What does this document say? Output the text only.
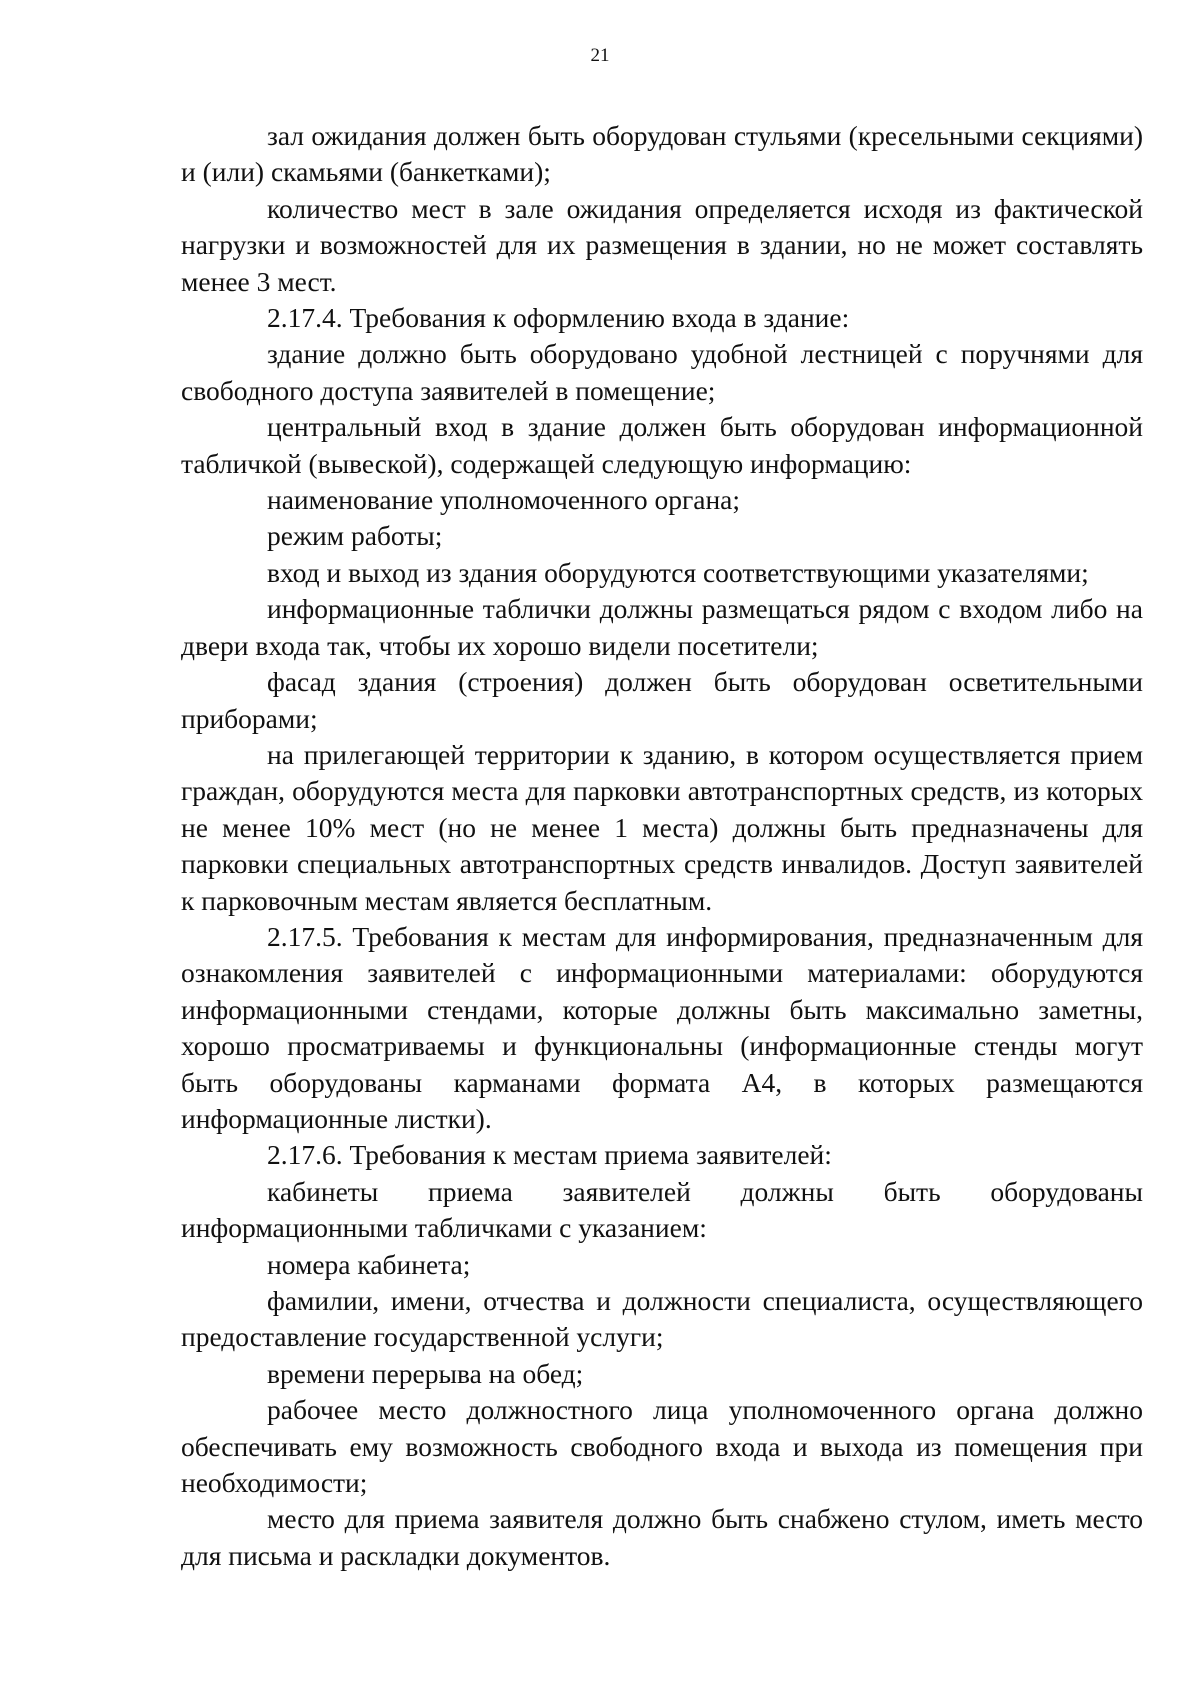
21

зал ожидания должен быть оборудован стульями (кресельными секциями) и (или) скамьями (банкетками);

количество мест в зале ожидания определяется исходя из фактической нагрузки и возможностей для их размещения в здании, но не может составлять менее 3 мест.

2.17.4. Требования к оформлению входа в здание:

здание должно быть оборудовано удобной лестницей с поручнями для свободного доступа заявителей в помещение;

центральный вход в здание должен быть оборудован информационной табличкой (вывеской), содержащей следующую информацию:

наименование уполномоченного органа;

режим работы;

вход и выход из здания оборудуются соответствующими указателями;

информационные таблички должны размещаться рядом с входом либо на двери входа так, чтобы их хорошо видели посетители;

фасад здания (строения) должен быть оборудован осветительными приборами;

на прилегающей территории к зданию, в котором осуществляется прием граждан, оборудуются места для парковки автотранспортных средств, из которых не менее 10% мест (но не менее 1 места) должны быть предназначены для парковки специальных автотранспортных средств инвалидов. Доступ заявителей к парковочным местам является бесплатным.

2.17.5. Требования к местам для информирования, предназначенным для ознакомления заявителей с информационными материалами: оборудуются информационными стендами, которые должны быть максимально заметны, хорошо просматриваемы и функциональны (информационные стенды могут быть оборудованы карманами формата А4, в которых размещаются информационные листки).

2.17.6. Требования к местам приема заявителей:

кабинеты приема заявителей должны быть оборудованы информационными табличками с указанием:

номера кабинета;

фамилии, имени, отчества и должности специалиста, осуществляющего предоставление государственной услуги;

времени перерыва на обед;

рабочее место должностного лица уполномоченного органа должно обеспечивать ему возможность свободного входа и выхода из помещения при необходимости;

место для приема заявителя должно быть снабжено стулом, иметь место для письма и раскладки документов.
